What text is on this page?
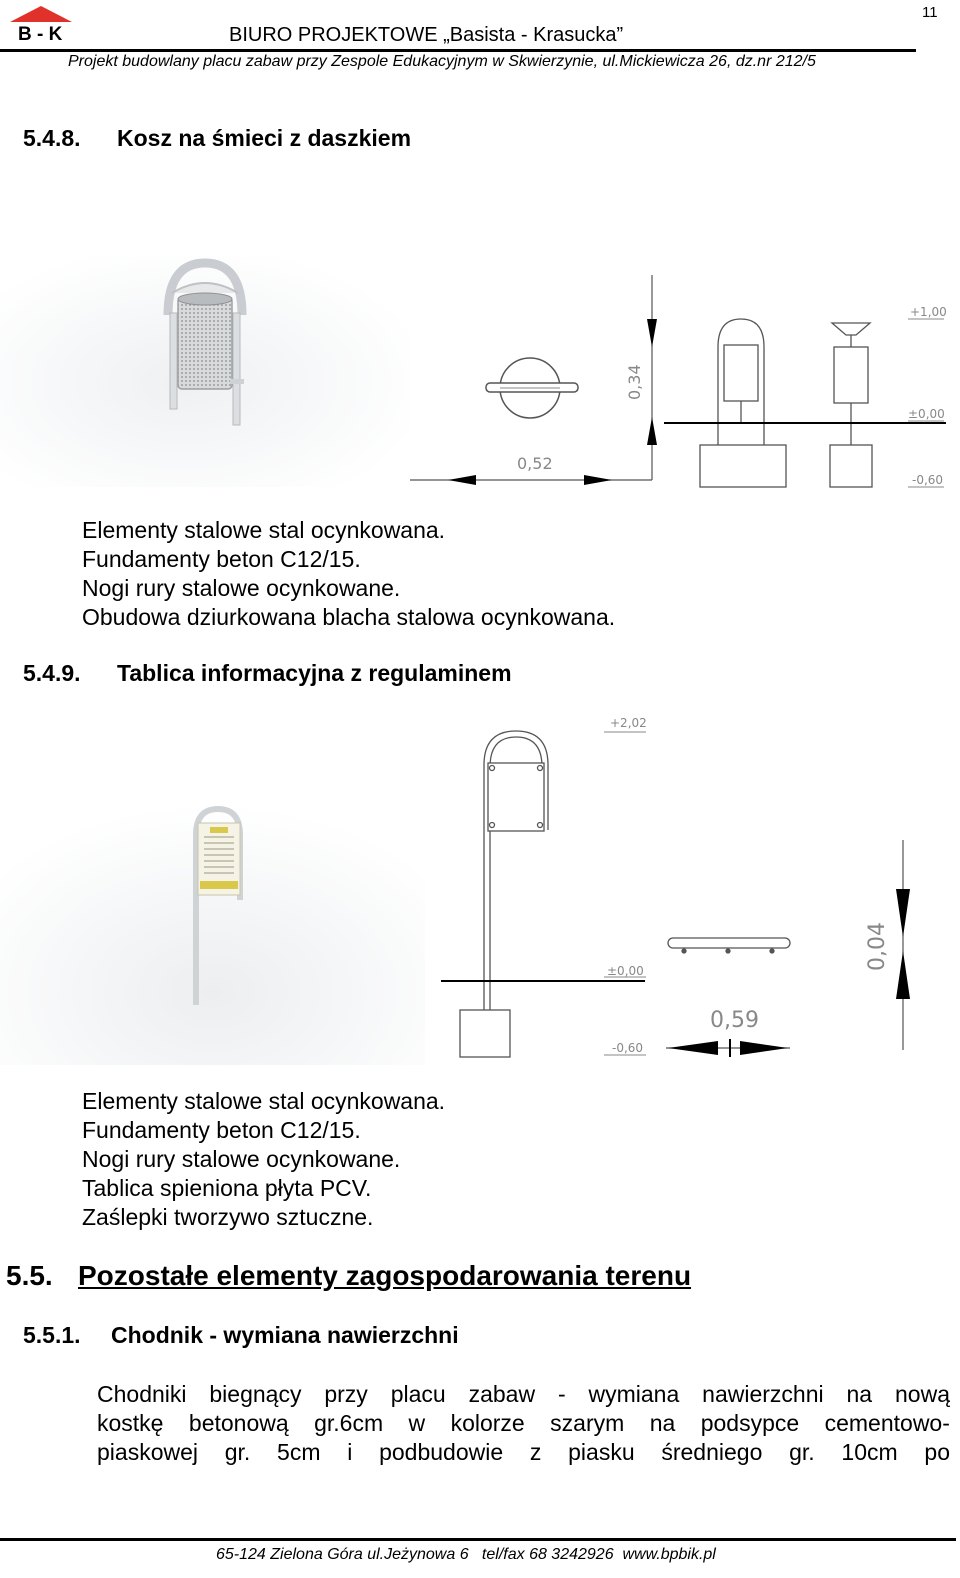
B - K	BIURO PROJEKTOWE „Basista - Krasucka”
11
Projekt budowlany placu zabaw przy Zespole Edukacyjnym w Skwierzynie, ul.Mickiewicza 26, dz.nr 212/5
5.4.8. Kosz na śmieci z daszkiem
0,52
0,34
+1,00
±0,00
-0,60
Elementy stalowe stal ocynkowana.
Fundamenty beton C12/15.
Nogi rury stalowe ocynkowane.
Obudowa dziurkowana blacha stalowa ocynkowana.
5.4.9. Tablica informacyjna z regulaminem
+2,02
±0,00
-0,60
0,59
0,04
Elementy stalowe stal ocynkowana.
Fundamenty beton C12/15.
Nogi rury stalowe ocynkowane.
Tablica spieniona płyta PCV.
Zaślepki tworzywo sztuczne.
5.5. Pozostałe elementy zagospodarowania terenu
5.5.1. Chodnik - wymiana nawierzchni
Chodniki biegnący przy placu zabaw - wymiana nawierzchni na nową
kostkę betonową gr.6cm w kolorze szarym na podsypce cementowo-
piaskowej gr. 5cm i podbudowie z piasku średniego gr. 10cm po
65-124 Zielona Góra ul.Jeżynowa 6   tel/fax 68 3242926  www.bpbik.pl
